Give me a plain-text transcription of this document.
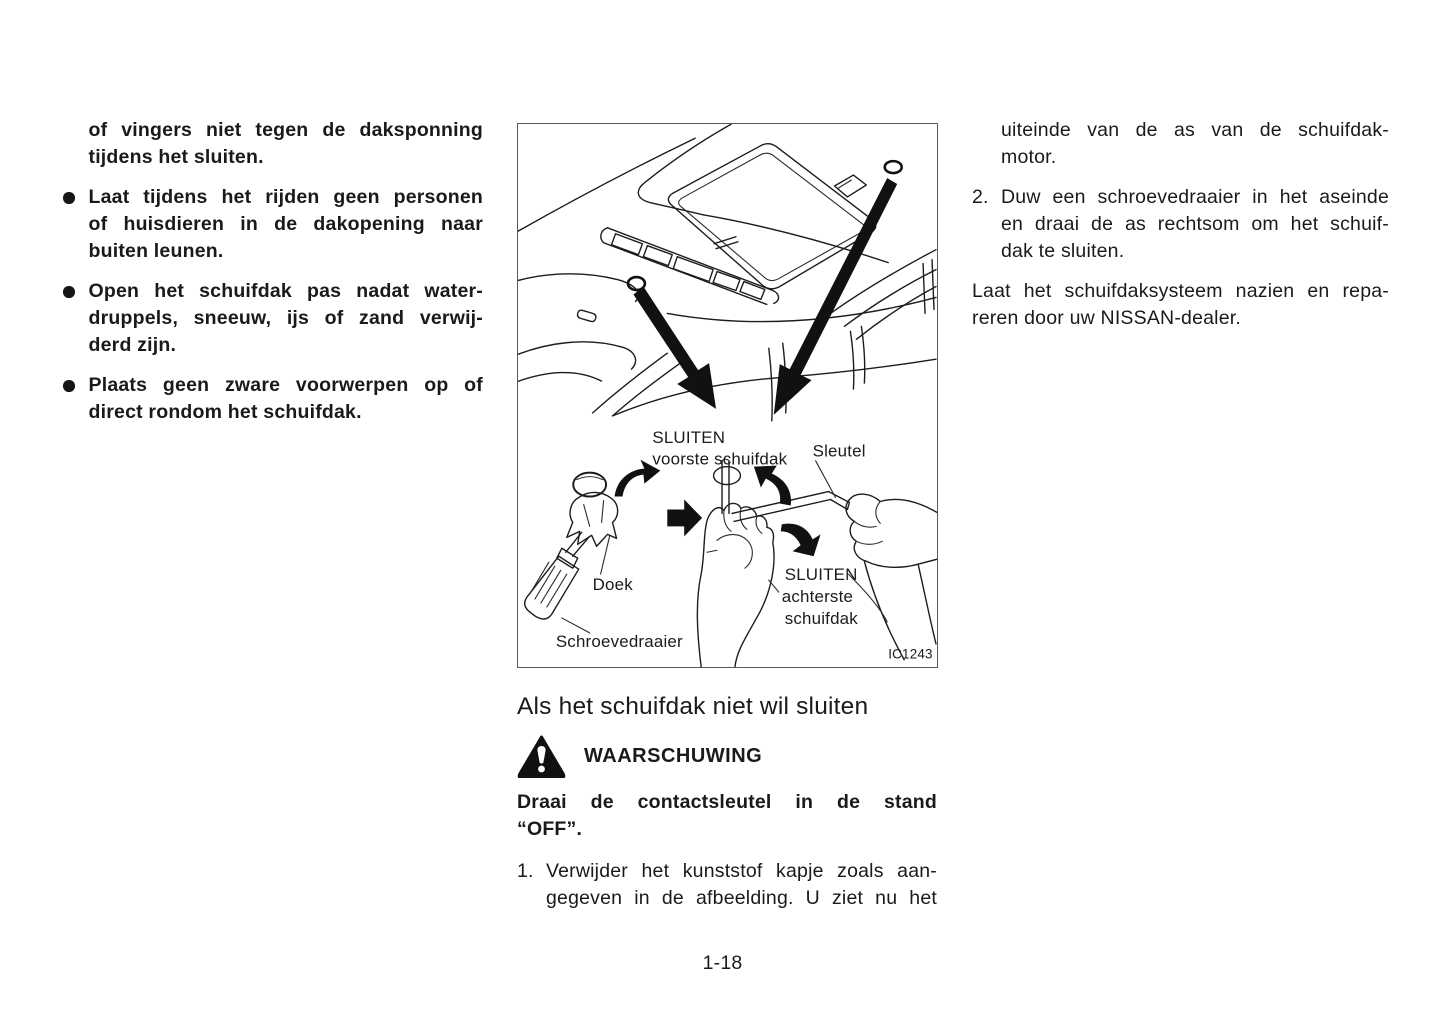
of vingers niet tegen de daksponning
tijdens het sluiten.
Laat tijdens het rijden geen personen
of huisdieren in de dakopening naar
buiten leunen.
Open het schuifdak pas nadat water-
druppels, sneeuw, ijs of zand verwij-
derd zijn.
Plaats geen zware voorwerpen op of
direct rondom het schuifdak.
SLUITEN
voorste schuifdak Sleutel
Doek
SLUITEN
achterste
schuifdak
Schroevedraaier
IC1243
Als het schuifdak niet wil sluiten
WAARSCHUWING
Draai de contactsleutel in de stand
“OFF”.
1. Verwijder het kunststof kapje zoals aan-
gegeven in de afbeelding. U ziet nu het
uiteinde van de as van de schuifdak-
motor.
2. Duw een schroevedraaier in het aseinde
en draai de as rechtsom om het schuif-
dak te sluiten.
Laat het schuifdaksysteem nazien en repa-
reren door uw NISSAN-dealer.
1-18
